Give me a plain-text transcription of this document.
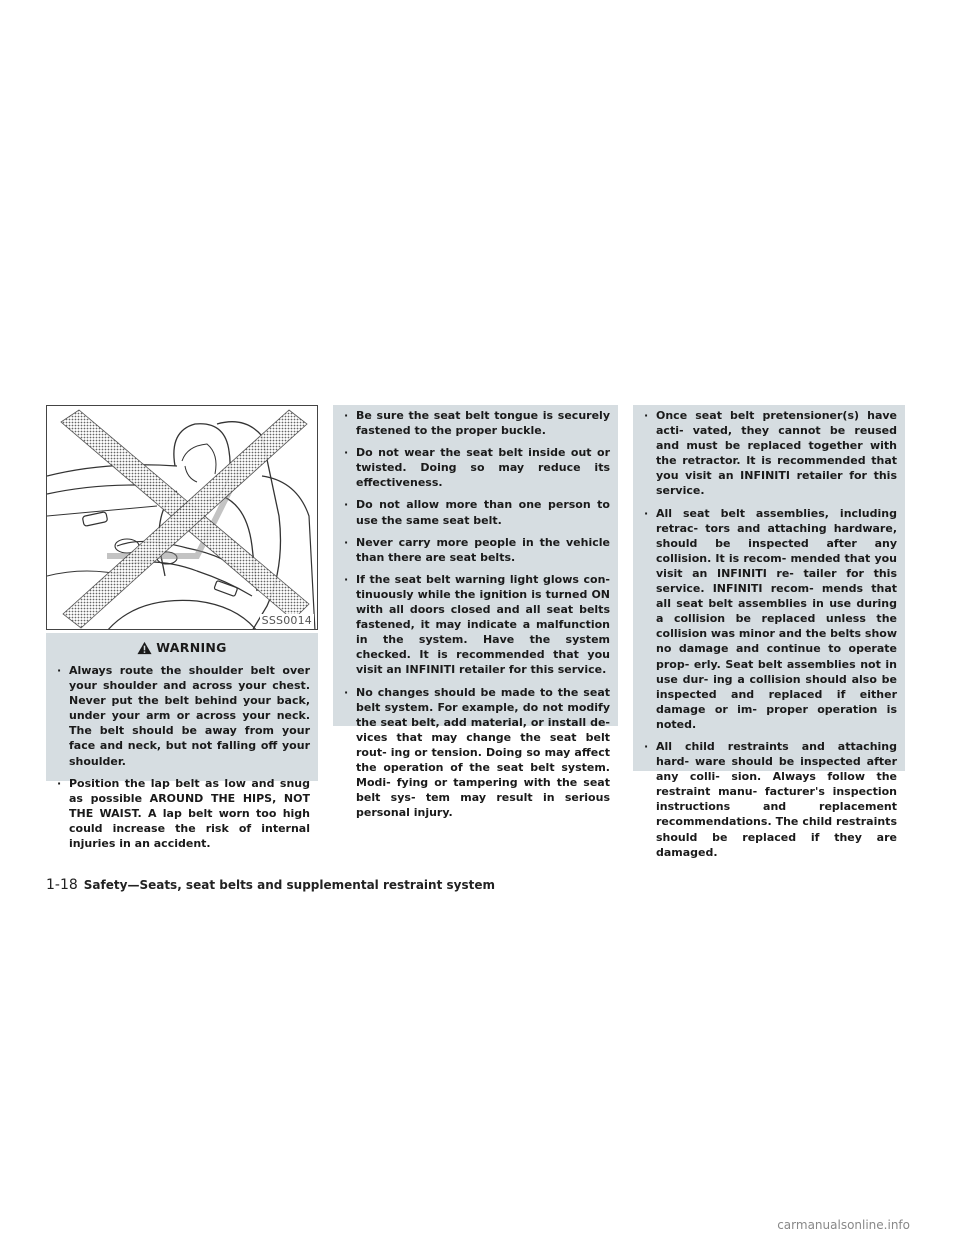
SSS0014
WARNING
· Always route the shoulder belt over your shoulder and across your chest. Never put the belt behind your back, under your arm or across your neck. The belt should be away from your face and neck, but not falling off your shoulder.
· Position the lap belt as low and snug as possible AROUND THE HIPS, NOT THE WAIST. A lap belt worn too high could increase the risk of internal injuries in an accident.
· Be sure the seat belt tongue is securely fastened to the proper buckle.
· Do not wear the seat belt inside out or twisted. Doing so may reduce its effectiveness.
· Do not allow more than one person to use the same seat belt.
· Never carry more people in the vehicle than there are seat belts.
· If the seat belt warning light glows con- tinuously while the ignition is turned ON with all doors closed and all seat belts fastened, it may indicate a malfunction in the system. Have the system checked. It is recommended that you visit an INFINITI retailer for this service.
· No changes should be made to the seat belt system. For example, do not modify the seat belt, add material, or install de- vices that may change the seat belt rout- ing or tension. Doing so may affect the operation of the seat belt system. Modi- fying or tampering with the seat belt sys- tem may result in serious personal injury.
· Once seat belt pretensioner(s) have acti- vated, they cannot be reused and must be replaced together with the retractor. It is recommended that you visit an INFINITI retailer for this service.
· All seat belt assemblies, including retrac- tors and attaching hardware, should be inspected after any collision. It is recom- mended that you visit an INFINITI re- tailer for this service. INFINITI recom- mends that all seat belt assemblies in use during a collision be replaced unless the collision was minor and the belts show no damage and continue to operate prop- erly. Seat belt assemblies not in use dur- ing a collision should also be inspected and replaced if either damage or im- proper operation is noted.
· All child restraints and attaching hard- ware should be inspected after any colli- sion. Always follow the restraint manu- facturer's inspection instructions and replacement recommendations. The child restraints should be replaced if they are damaged.
1-18 Safety—Seats, seat belts and supplemental restraint system
carmanualsonline.info
